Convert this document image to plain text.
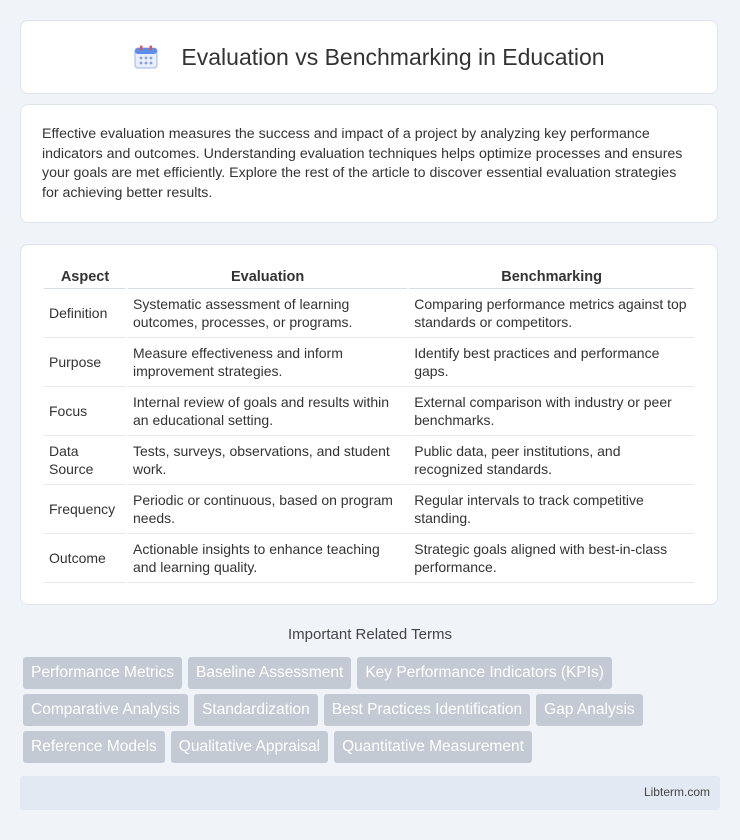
Evaluation vs Benchmarking in Education

Effective evaluation measures the success and impact of a project by analyzing key performance indicators and outcomes. Understanding evaluation techniques helps optimize processes and ensures your goals are met efficiently. Explore the rest of the article to discover essential evaluation strategies for achieving better results.

Aspect	Evaluation	Benchmarking
Definition	Systematic assessment of learning outcomes, processes, or programs.	Comparing performance metrics against top standards or competitors.
Purpose	Measure effectiveness and inform improvement strategies.	Identify best practices and performance gaps.
Focus	Internal review of goals and results within an educational setting.	External comparison with industry or peer benchmarks.
Data Source	Tests, surveys, observations, and student work.	Public data, peer institutions, and recognized standards.
Frequency	Periodic or continuous, based on program needs.	Regular intervals to track competitive standing.
Outcome	Actionable insights to enhance teaching and learning quality.	Strategic goals aligned with best-in-class performance.
Important Related Terms
Performance Metrics	Baseline Assessment	Key Performance Indicators (KPIs)
Comparative Analysis	Standardization	Best Practices Identification	Gap Analysis
Reference Models	Qualitative Appraisal	Quantitative Measurement
Libterm.com
